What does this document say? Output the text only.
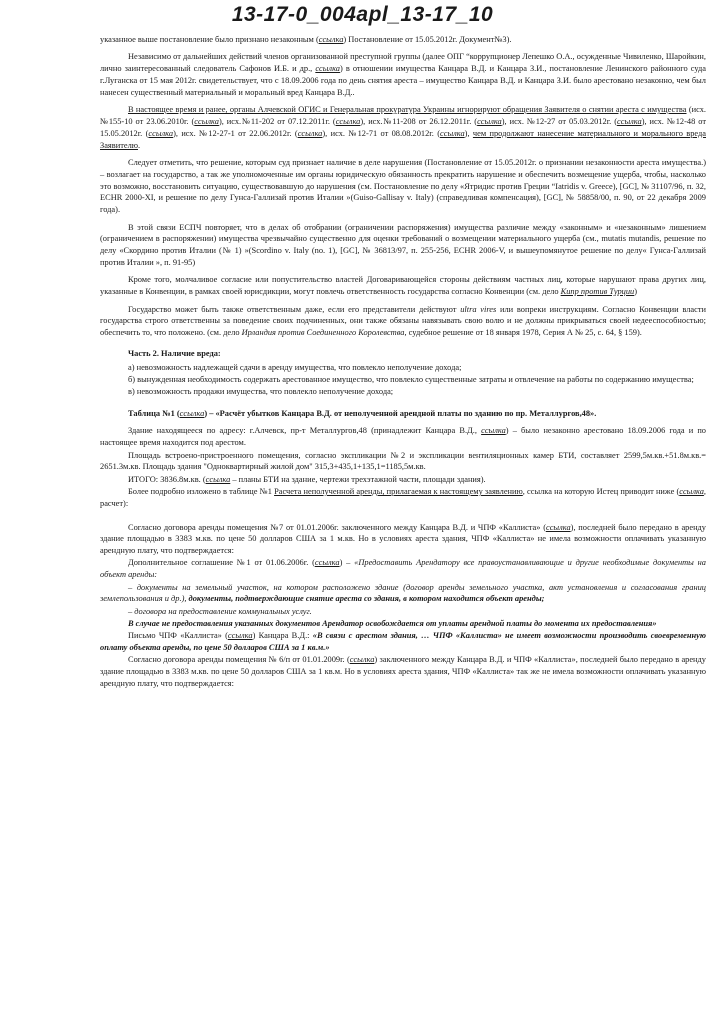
13-17-0_004apl_13-17_10

указанное выше постановление было признано незаконным (ссылка) Постановление от 15.05.2012г. Документ№3).

Независимо от дальнейших действий членов организованной преступной группы (далее ОПГ “коррупционер Лепешко О.А., осужденные Чивиленко, Шаройкин, лично заинтересованный следователь Сафонов И.Б. и др., ссылка) в отношении имущества Канцара В.Д. и Канцара З.И., постановление Ленинского районного суда г.Луганска от 15 мая 2012г. свидетельствует, что с 18.09.2006 года по день снятия ареста – имущество Канцара В.Д. и Канцара З.И. было арестовано незаконно, чем был нанесен существенный материальный и моральный вред Канцара В.Д..

В настоящее время и ранее, органы Алчевской ОГИС и Генеральная прокуратура Украины игнорируют обращения Заявителя о снятии ареста с имущества (исх.№155-10 от 23.06.2010г. (ссылка), исх.№11-202 от 07.12.2011г. (ссылка), исх.№11-208 от 26.12.2011г. (ссылка), исх. №12-27 от 05.03.2012г. (ссылка), исх. №12-48 от 15.05.2012г. (ссылка), исх. №12-27-1 от 22.06.2012г. (ссылка), исх. №12-71 от 08.08.2012г. (ссылка), чем продолжают нанесение материального и морального вреда Заявителю.

Следует отметить, что решение, которым суд признает наличие в деле нарушения (Постановление от 15.05.2012г. о признании незаконности ареста имущества.) – возлагает на государство, а так же уполномоченные им органы юридическую обязанность прекратить нарушение и обеспечить возмещение ущерба, чтобы, насколько это возможно, восстановить ситуацию, существовавшую до нарушения (см. Постановление по делу «Ятридис против Греции “Iatridis v. Greece), [GC], № 31107/96, п. 32, ECHR 2000-XI, и решение по делу Гунса-Галлизай против Италии »(Guiso-Gallisay v. Italy) (справедливая компенсация), [GC], № 58858/00, п. 90, от 22 декабря 2009 года).

В этой связи ЕСПЧ повторяет, что в делах об отобрании (ограничении распоряжения) имущества различие между «законным» и «незаконным» лишением (ограничением в распоряжении) имущества чрезвычайно существенно для оценки требований о возмещении материального ущерба (см., mutatis mutandis, решение по делу «Скордино против Италии (№ 1) »(Scordino v. Italy (no. 1), [GC], № 36813/97, п. 255-256, ECHR 2006-V, и вышеупомянутое решение по делу« Гунса-Галлизай против Италии », п. 91-95)

Кроме того, молчаливое согласие или попустительство властей Договаривающейся стороны действиям частных лиц, которые нарушают права других лиц, указанные в Конвенции, в рамках своей юрисдикции, могут повлечь ответственность государства согласно Конвенции (см. дело Кипр против Турции)

Государство может быть также ответственным даже, если его представители действуют ultra vires или вопреки инструкциям. Согласно Конвенции власти государства строго ответственны за поведение своих подчиненных, они также обязаны навязывать свою волю и не должны прикрываться своей недееспособностью; обеспечить то, что положено. (см. дело Ирландия против Соединенного Королевства, судебное решение от 18 января 1978, Серия А № 25, с. 64, § 159).

Часть 2. Наличие вреда:

а) невозможность надлежащей сдачи в аренду имущества, что повлекло неполучение дохода;

б) вынужденная необходимость содержать арестованное имущество, что повлекло существенные затраты и отвлечение на работы по содержанию имущества;

в) невозможность продажи имущества, что повлекло неполучение дохода;

Таблица №1 (ссылка) – «Расчёт убытков Канцара В.Д. от неполученной арендной платы по зданию по пр. Металлургов,48».

Здание находящееся по адресу: г.Алчевск, пр-т Металлургов,48 (принадлежит Канцара В.Д., ссылка) – было незаконно арестовано 18.09.2006 года и по настоящее время находится под арестом.

Площадь встроено-пристроенного помещения, согласно экспликации №2 и экспликации вентиляционных камер БТИ, составляет 2599,5м.кв.+51.8м.кв.= 2651.3м.кв. Площадь здания "Одноквартирный жилой дом" 315,3+435,1+135,1=1185,5м.кв.

ИТОГО: 3836.8м.кв. (ссылка – планы БТИ на здание, чертежи трехэтажной части, площади здания).

Более подробно изложено в таблице №1 Расчета неполученной аренды, прилагаемая к настоящему заявлению, ссылка на которую Истец приводит ниже (ссылка, расчет):

Согласно договора аренды помещения №7 от 01.01.2006г. заключенного между Канцара В.Д. и ЧПФ «Каллиста» (ссылка), последней было передано в аренду здание площадью в 3383 м.кв. по цене 50 долларов США за 1 м.кв. Но в условиях ареста здания, ЧПФ «Каллиста» не имела возможности оплачивать указанную арендную плату, что подтверждается:

Дополнительное соглашение №1 от 01.06.2006г. (ссылка) – «Предоставить Арендатору все правоустанавливающие и другие необходимые документы на объект аренды:

– документы на земельный участок, на котором расположено здание (договор аренды земельного участка, акт установления и согласования границ землепользования и др.), документы, подтверждающие снятие ареста со здания, в котором находится объект аренды;

– договора на предоставление коммунальных услуг.

В случае не предоставления указанных документов Арендатор освобождается от уплаты арендной платы до момента их предоставления»

Письмо ЧПФ «Каллиста» (ссылка) Канцара В.Д.: «В связи с арестом здания, … ЧПФ «Каллиста» не имеет возможности производить своевременную оплату объекта аренды, по цене 50 долларов США за 1 кв.м.»

Согласно договора аренды помещения № 6/п от 01.01.2009г. (ссылка) заключенного между Канцара В.Д. и ЧПФ «Каллиста», последней было передано в аренду здание площадью в 3383 м.кв. по цене 50 долларов США за 1 кв.м. Но в условиях ареста здания, ЧПФ «Каллиста» так же не имела возможности оплачивать указанную арендную плату, что подтверждается:
